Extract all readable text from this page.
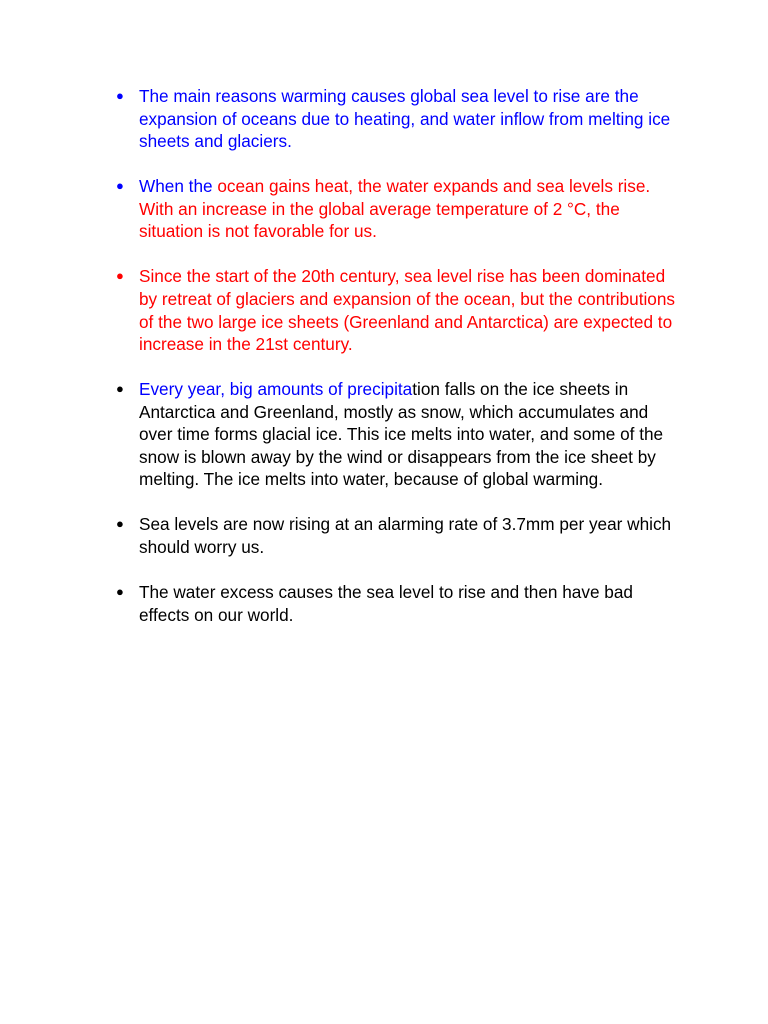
● The main reasons warming causes global sea level to rise are the expansion of oceans due to heating, and water inflow from melting ice sheets and glaciers.
● When the ocean gains heat, the water expands and sea levels rise. With an increase in the global average temperature of 2 °C, the situation is not favorable for us.
● Since the start of the 20th century, sea level rise has been dominated by retreat of glaciers and expansion of the ocean, but the contributions of the two large ice sheets (Greenland and Antarctica) are expected to increase in the 21st century.
● Every year, big amounts of precipitation falls on the ice sheets in Antarctica and Greenland, mostly as snow, which accumulates and over time forms glacial ice. This ice melts into water, and some of the snow is blown away by the wind or disappears from the ice sheet by melting. The ice melts into water, because of global warming.
● Sea levels are now rising at an alarming rate of 3.7mm per year which should worry us.
● The water excess causes the sea level to rise and then have bad effects on our world.
